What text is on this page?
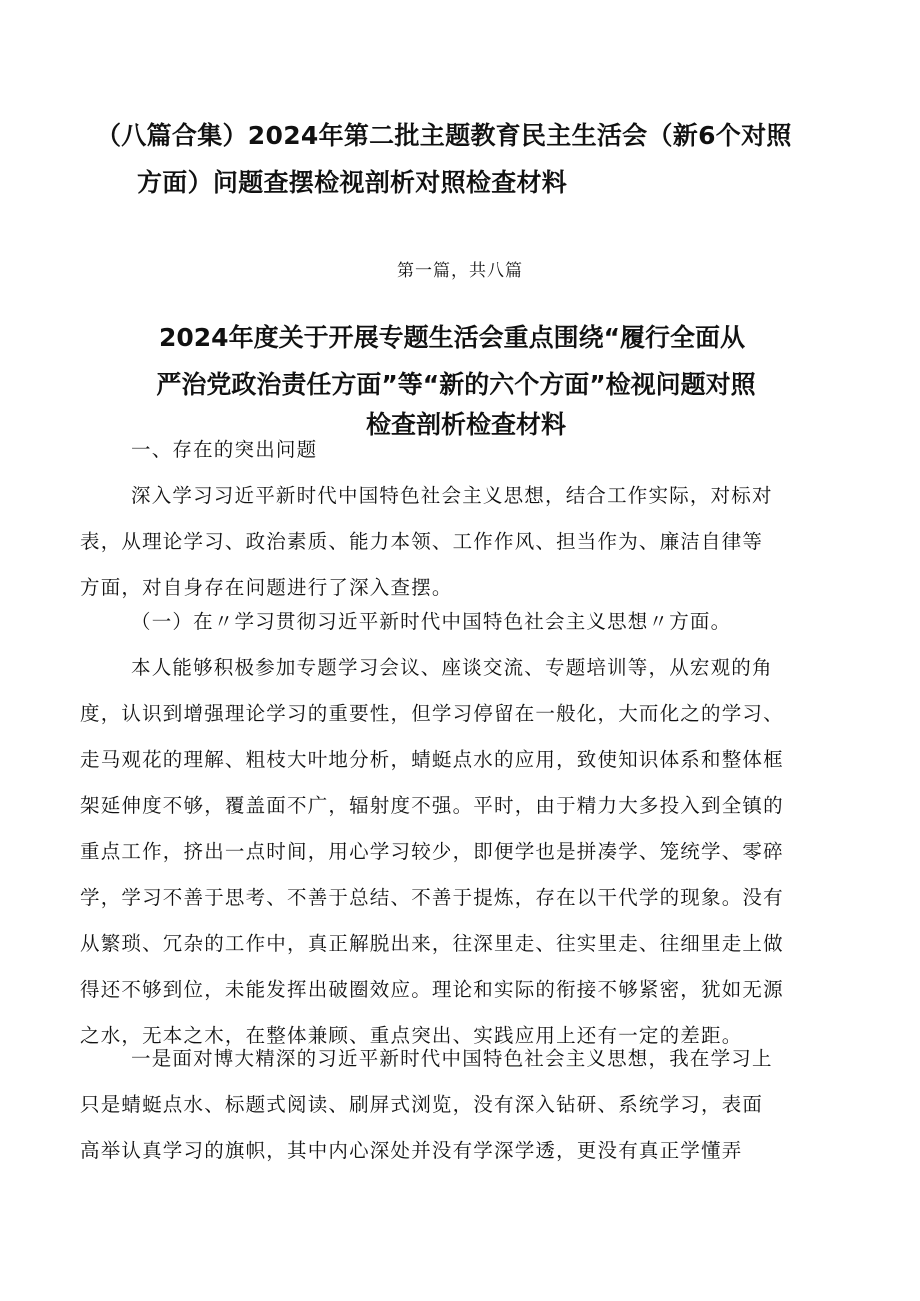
（八篇合集）2024年第二批主题教育民主生活会（新6个对照
方面）问题查摆检视剖析对照检查材料
第一篇，共八篇
2024年度关于开展专题生活会重点围绕“履行全面从
严治党政治责任方面”等“新的六个方面”检视问题对照
检查剖析检查材料
一、存在的突出问题
深入学习习近平新时代中国特色社会主义思想，结合工作实际，对标对
表，从理论学习、政治素质、能力本领、工作作风、担当作为、廉洁自律等
方面，对自身存在问题进行了深入查摆。
（一）在〃学习贯彻习近平新时代中国特色社会主义思想〃方面。
本人能够积极参加专题学习会议、座谈交流、专题培训等，从宏观的角
度，认识到增强理论学习的重要性，但学习停留在一般化，大而化之的学习、
走马观花的理解、粗枝大叶地分析，蜻蜓点水的应用，致使知识体系和整体框
架延伸度不够，覆盖面不广，辐射度不强。平时，由于精力大多投入到全镇的
重点工作，挤出一点时间，用心学习较少，即便学也是拼凑学、笼统学、零碎
学，学习不善于思考、不善于总结、不善于提炼，存在以干代学的现象。没有
从繁琐、冗杂的工作中，真正解脱出来，往深里走、往实里走、往细里走上做
得还不够到位，未能发挥出破圈效应。理论和实际的衔接不够紧密，犹如无源
之水，无本之木，在整体兼顾、重点突出、实践应用上还有一定的差距。
一是面对博大精深的习近平新时代中国特色社会主义思想，我在学习上
只是蜻蜓点水、标题式阅读、刷屏式浏览，没有深入钻研、系统学习，表面
高举认真学习的旗帜，其中内心深处并没有学深学透，更没有真正学懂弄
